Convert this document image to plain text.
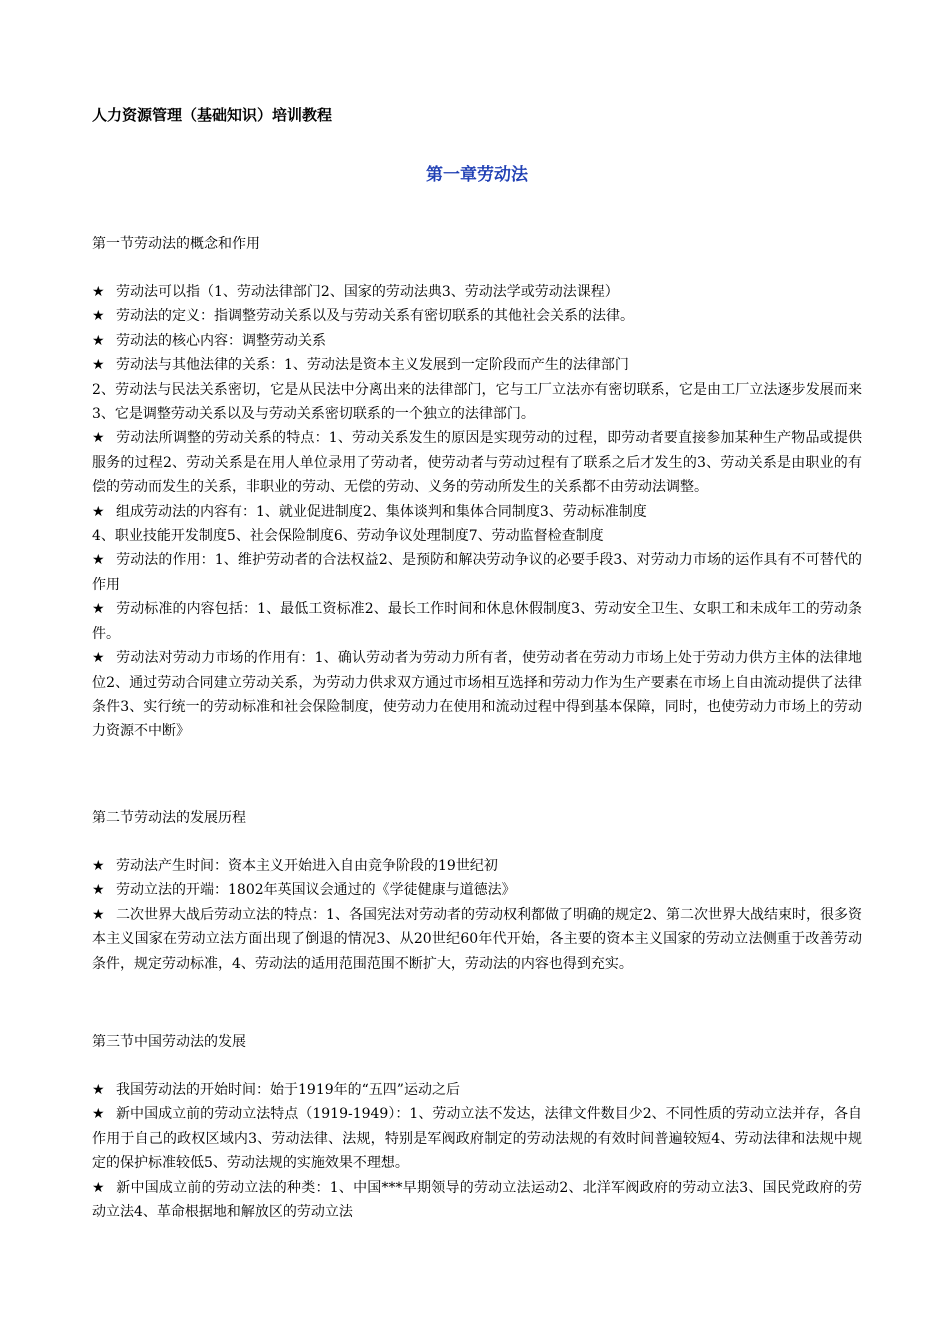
人力资源管理（基础知识）培训教程
第一章劳动法
第一节劳动法的概念和作用

★ 劳动法可以指（1、劳动法律部门2、国家的劳动法典3、劳动法学或劳动法课程）

★ 劳动法的定义：指调整劳动关系以及与劳动关系有密切联系的其他社会关系的法律。

★ 劳动法的核心内容：调整劳动关系

★ 劳动法与其他法律的关系：1、劳动法是资本主义发展到一定阶段而产生的法律部门

2、劳动法与民法关系密切，它是从民法中分离出来的法律部门，它与工厂立法亦有密切联系，它是由工厂立法逐步发展而来3、它是调整劳动关系以及与劳动关系密切联系的一个独立的法律部门。

★ 劳动法所调整的劳动关系的特点：1、劳动关系发生的原因是实现劳动的过程，即劳动者要直接参加某种生产物品或提供服务的过程2、劳动关系是在用人单位录用了劳动者，使劳动者与劳动过程有了联系之后才发生的3、劳动关系是由职业的有偿的劳动而发生的关系，非职业的劳动、无偿的劳动、义务的劳动所发生的关系都不由劳动法调整。

★ 组成劳动法的内容有：1、就业促进制度2、集体谈判和集体合同制度3、劳动标准制度

4、职业技能开发制度5、社会保险制度6、劳动争议处理制度7、劳动监督检查制度

★ 劳动法的作用：1、维护劳动者的合法权益2、是预防和解决劳动争议的必要手段3、对劳动力市场的运作具有不可替代的作用

★ 劳动标准的内容包括：1、最低工资标准2、最长工作时间和休息休假制度3、劳动安全卫生、女职工和未成年工的劳动条件。

★ 劳动法对劳动力市场的作用有：1、确认劳动者为劳动力所有者，使劳动者在劳动力市场上处于劳动力供方主体的法律地位2、通过劳动合同建立劳动关系，为劳动力供求双方通过市场相互选择和劳动力作为生产要素在市场上自由流动提供了法律条件3、实行统一的劳动标准和社会保险制度，使劳动力在使用和流动过程中得到基本保障，同时，也使劳动力市场上的劳动力资源不中断》

第二节劳动法的发展历程

★ 劳动法产生时间：资本主义开始进入自由竞争阶段的19世纪初

★ 劳动立法的开端：1802年英国议会通过的《学徒健康与道德法》

★ 二次世界大战后劳动立法的特点：1、各国宪法对劳动者的劳动权利都做了明确的规定2、第二次世界大战结束时，很多资本主义国家在劳动立法方面出现了倒退的情况3、从20世纪60年代开始，各主要的资本主义国家的劳动立法侧重于改善劳动条件，规定劳动标准，4、劳动法的适用范围范围不断扩大，劳动法的内容也得到充实。

第三节中国劳动法的发展

★ 我国劳动法的开始时间：始于1919年的“五四”运动之后

★ 新中国成立前的劳动立法特点（1919-1949）：1、劳动立法不发达，法律文件数目少2、不同性质的劳动立法并存，各自作用于自己的政权区域内3、劳动法律、法规，特别是军阀政府制定的劳动法规的有效时间普遍较短4、劳动法律和法规中规定的保护标准较低5、劳动法规的实施效果不理想。

★ 新中国成立前的劳动立法的种类：1、中国***早期领导的劳动立法运动2、北洋军阀政府的劳动立法3、国民党政府的劳动立法4、革命根据地和解放区的劳动立法
